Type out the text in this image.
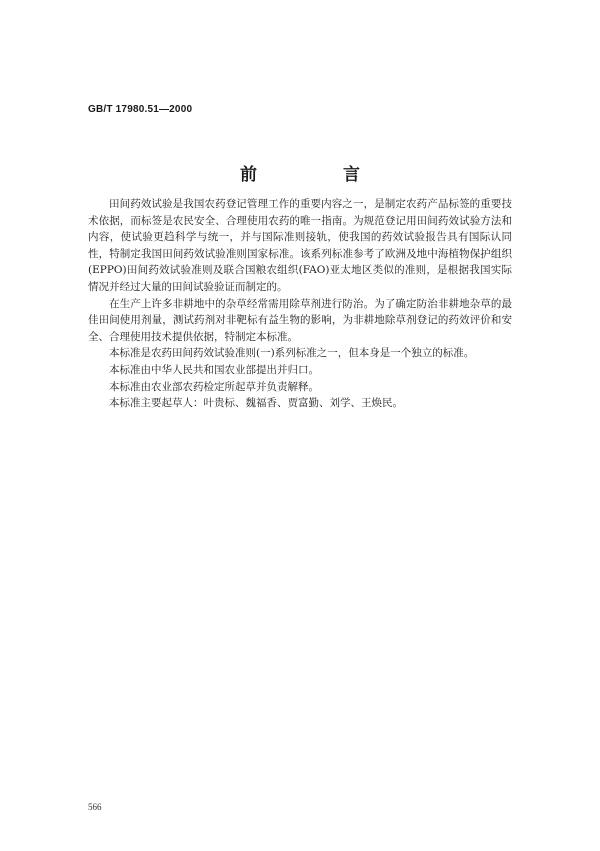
GB/T 17980.51—2000
前 言

田间药效试验是我国农药登记管理工作的重要内容之一，是制定农药产品标签的重要技术依据，而标签是农民安全、合理使用农药的唯一指南。为规范登记用田间药效试验方法和内容，使试验更趋科学与统一，并与国际准则接轨，使我国的药效试验报告具有国际认同性，特制定我国田间药效试验准则国家标准。该系列标准参考了欧洲及地中海植物保护组织(EPPO)田间药效试验准则及联合国粮农组织(FAO)亚太地区类似的准则，是根据我国实际情况并经过大量的田间试验验证而制定的。

在生产上许多非耕地中的杂草经常需用除草剂进行防治。为了确定防治非耕地杂草的最佳田间使用剂量，测试药剂对非靶标有益生物的影响，为非耕地除草剂登记的药效评价和安全、合理使用技术提供依据，特制定本标准。

本标准是农药田间药效试验准则(一)系列标准之一，但本身是一个独立的标准。

本标准由中华人民共和国农业部提出并归口。

本标准由农业部农药检定所起草并负责解释。

本标准主要起草人：叶贵标、魏福香、贾富勤、刘学、王焕民。

566
